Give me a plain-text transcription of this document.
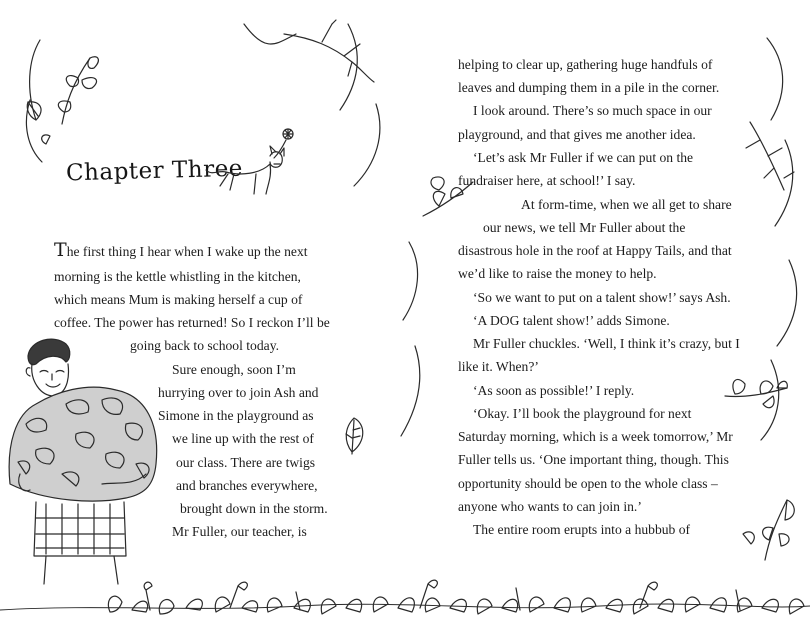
Chapter Three
The first thing I hear when I wake up the next
morning is the kettle whistling in the kitchen,
which means Mum is making herself a cup of
coffee. The power has returned! So I reckon I’ll be
going back to school today.
Sure enough, soon I’m
hurrying over to join Ash and
Simone in the playground as
we line up with the rest of
our class. There are twigs
and branches everywhere,
brought down in the storm.
Mr Fuller, our teacher, is
helping to clear up, gathering huge handfuls of
leaves and dumping them in a pile in the corner.
I look around. There’s so much space in our
playground, and that gives me another idea.
‘Let’s ask Mr Fuller if we can put on the
fundraiser here, at school!’ I say.
At form-time, when we all get to share
our news, we tell Mr Fuller about the
disastrous hole in the roof at Happy Tails, and that
we’d like to raise the money to help.
‘So we want to put on a talent show!’ says Ash.
‘A DOG talent show!’ adds Simone.
Mr Fuller chuckles. ‘Well, I think it’s crazy, but I
like it. When?’
‘As soon as possible!’ I reply.
‘Okay. I’ll book the playground for next
Saturday morning, which is a week tomorrow,’ Mr
Fuller tells us. ‘One important thing, though. This
opportunity should be open to the whole class –
anyone who wants to can join in.’
The entire room erupts into a hubbub of
